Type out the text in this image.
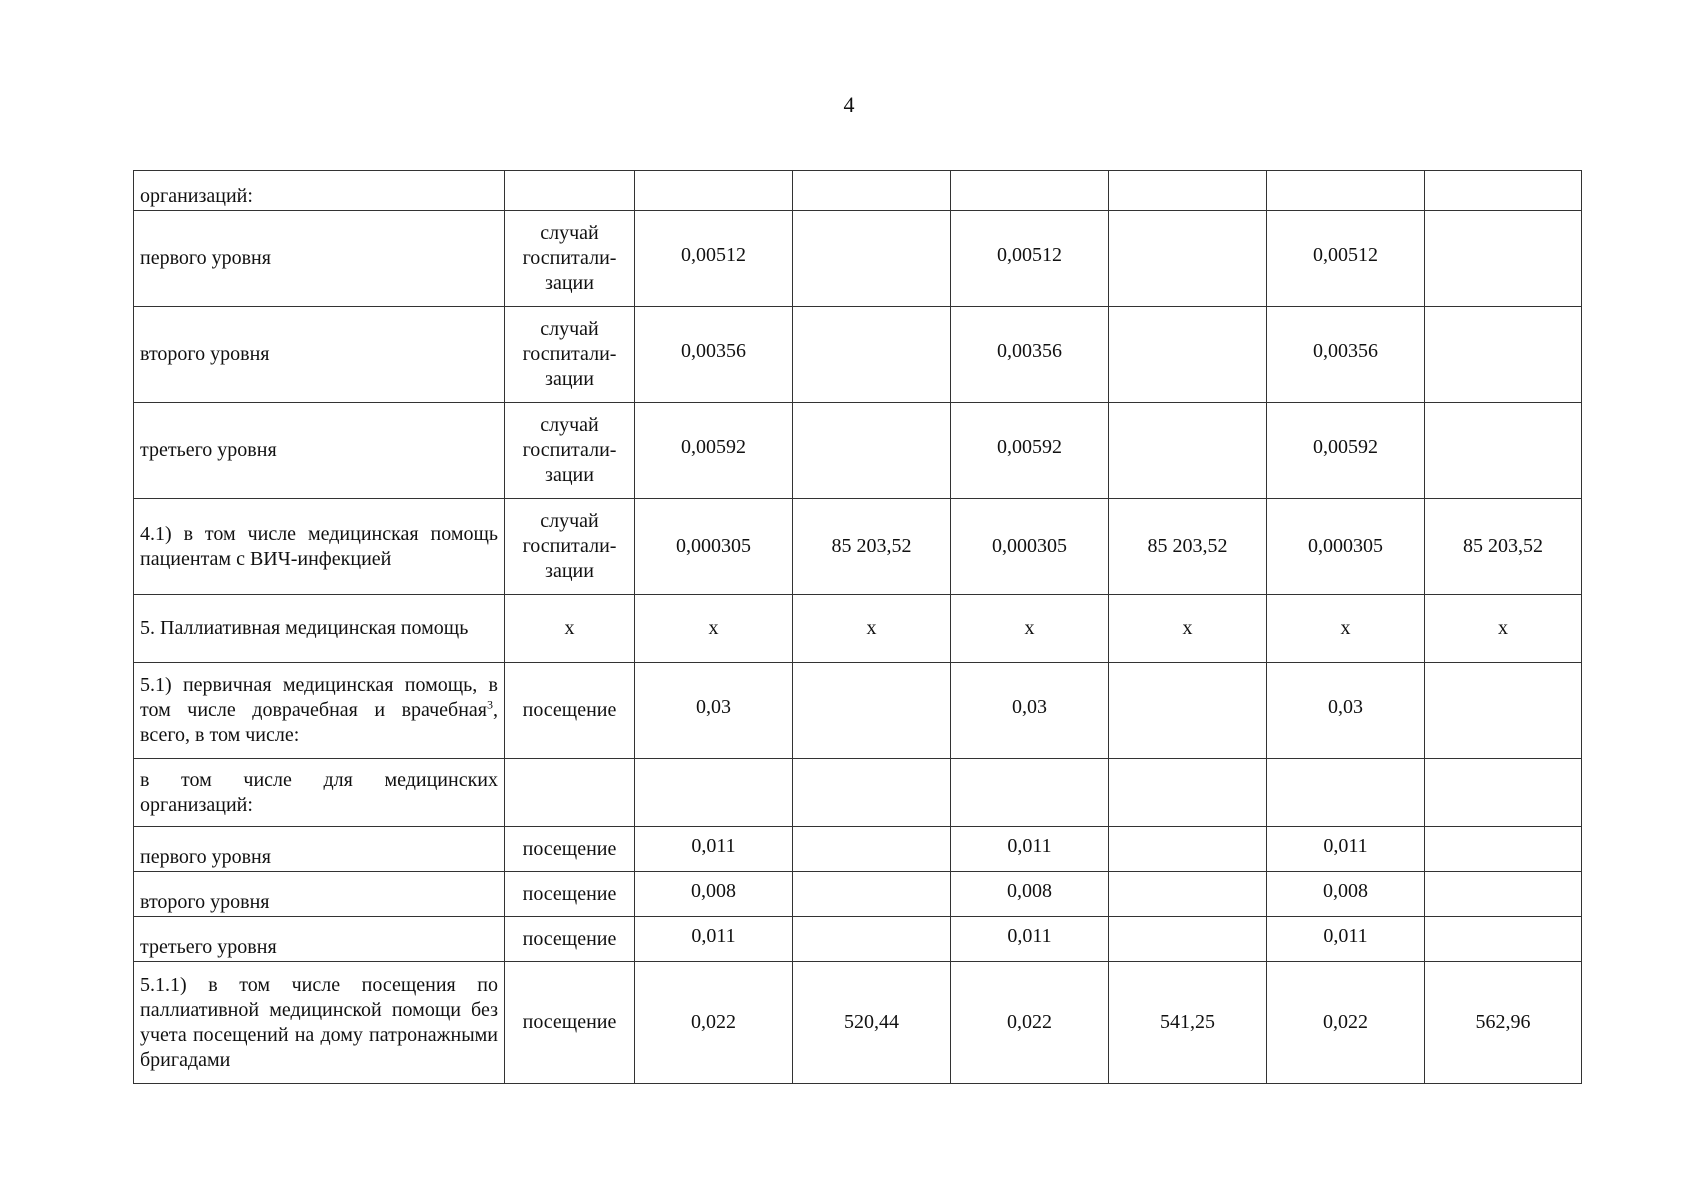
4
организаций:							
первого уровня	случай госпитали-зации	0,00512		0,00512		0,00512	
второго уровня	случай госпитали-зации	0,00356		0,00356		0,00356	
третьего уровня	случай госпитали-зации	0,00592		0,00592		0,00592	
4.1) в том числе медицинская помощь пациентам с ВИЧ-инфекцией	случай госпитали-зации	0,000305	85 203,52	0,000305	85 203,52	0,000305	85 203,52
5. Паллиативная медицинская помощь	х	х	х	х	х	х	х
5.1) первичная медицинская помощь, в том числе доврачебная и врачебная$^3$, всего, в том числе:	посещение	0,03		0,03		0,03	
в том числе для медицинских организаций:							
первого уровня	посещение	0,011		0,011		0,011	
второго уровня	посещение	0,008		0,008		0,008	
третьего уровня	посещение	0,011		0,011		0,011	
5.1.1) в том числе посещения по паллиативной медицинской помощи без учета посещений на дому патронажными бригадами	посещение	0,022	520,44	0,022	541,25	0,022	562,96
